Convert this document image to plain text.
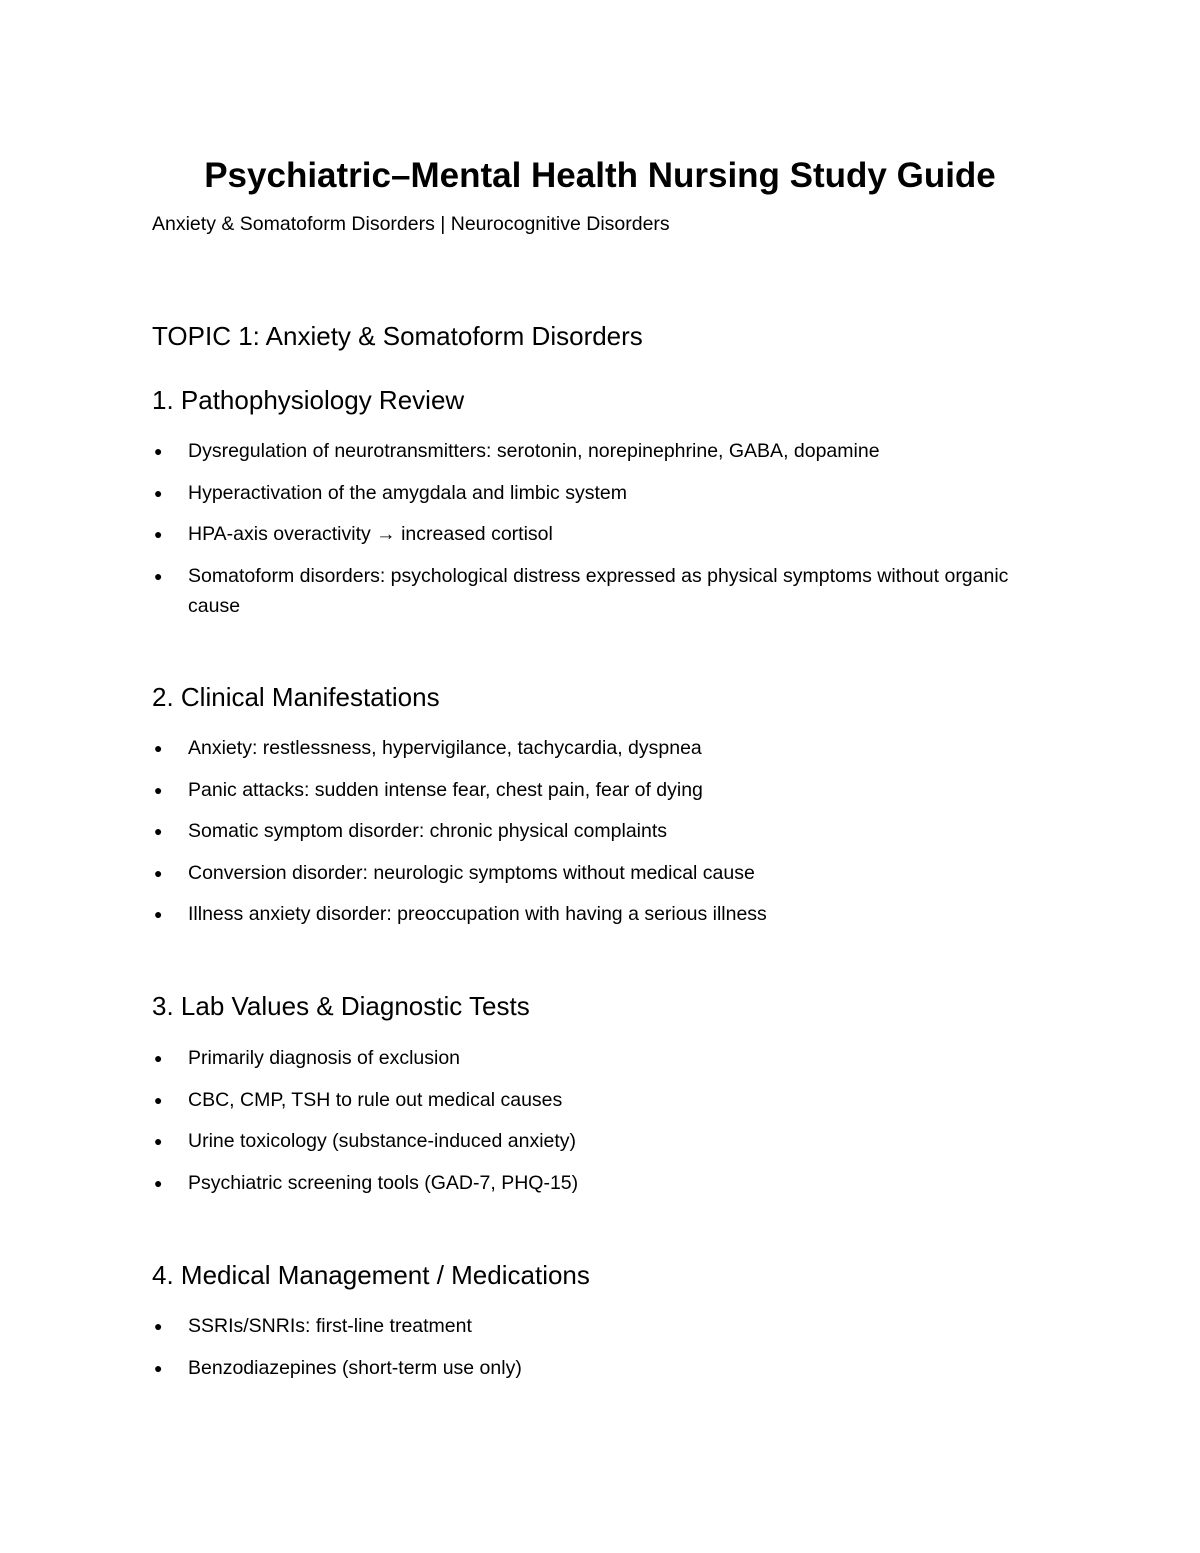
Psychiatric–Mental Health Nursing Study Guide

Anxiety & Somatoform Disorders | Neurocognitive Disorders

TOPIC 1: Anxiety & Somatoform Disorders
1. Pathophysiology Review
● Dysregulation of neurotransmitters: serotonin, norepinephrine, GABA, dopamine
● Hyperactivation of the amygdala and limbic system
● HPA-axis overactivity → increased cortisol
● Somatoform disorders: psychological distress expressed as physical symptoms without organic cause
2. Clinical Manifestations
● Anxiety: restlessness, hypervigilance, tachycardia, dyspnea
● Panic attacks: sudden intense fear, chest pain, fear of dying
● Somatic symptom disorder: chronic physical complaints
● Conversion disorder: neurologic symptoms without medical cause
● Illness anxiety disorder: preoccupation with having a serious illness
3. Lab Values & Diagnostic Tests
● Primarily diagnosis of exclusion
● CBC, CMP, TSH to rule out medical causes
● Urine toxicology (substance-induced anxiety)
● Psychiatric screening tools (GAD-7, PHQ-15)
4. Medical Management / Medications
● SSRIs/SNRIs: first-line treatment
● Benzodiazepines (short-term use only)
